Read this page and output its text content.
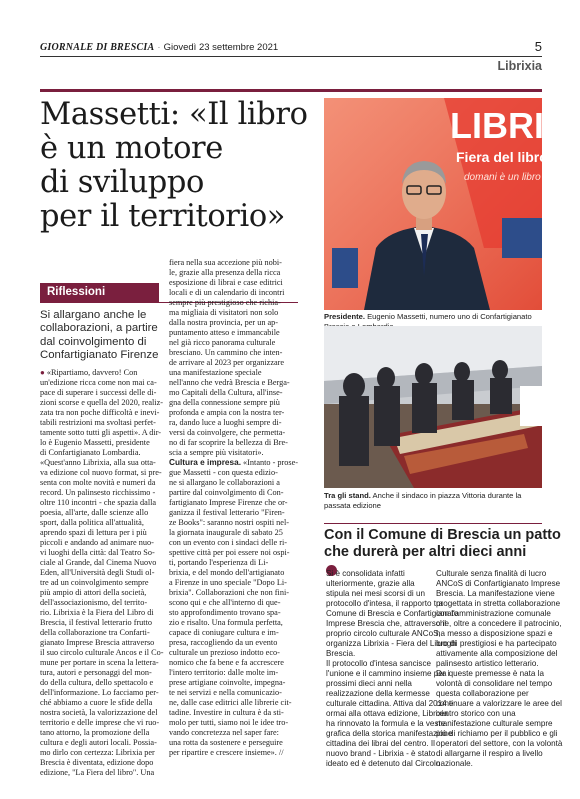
GIORNALE DI BRESCIA · Giovedì 23 settembre 2021	5
Librixia
Massetti: «Il libro
è un motore
di sviluppo
per il territorio»
Riflessioni
Si allargano anche le
collaborazioni, a partire
dal coinvolgimento di
Confartigianato Firenze
● «Ripartiamo, davvero! Con
un'edizione ricca come non mai ca-
pace di superare i successi delle di-
zioni scorse e quella del 2020, realiz-
zata tra non poche difficoltà e inevi-
tabili restrizioni ma svoltasi perfet-
tamente sotto tutti gli aspetti». A dir-
lo è Eugenio Massetti, presidente
di Confartigianato Lombardia.
«Quest'anno Librixia, alla sua otta-
va edizione col nuovo format, si pre-
senta con molte novità e numeri da
record. Un palinsesto ricchissimo -
oltre 110 incontri - che spazia dalla
poesia, all'arte, dalle scienze allo
sport, dalla politica all'attualità,
aprendo spazi di lettura per i più
piccoli e andando ad animare nuo-
vi luoghi della città: dal Teatro So-
ciale al Grande, dal Cinema Nuovo
Eden, all'Università degli Studi ol-
tre ad un coinvolgimento sempre
più ampio di attori della società,
dell'associazionismo, del territo-
rio. Librixia è la Fiera del Libro di
Brescia, il festival letterario frutto
della collaborazione tra Confarti-
gianato Imprese Brescia attraverso
il suo circolo culturale Ancos e il Co-
mune per portare in scena la lettera-
tura, autori e personaggi del mon-
do della cultura, dello spettacolo e
dell'informazione. Lo facciamo per-
ché abbiamo a cuore le sfide della
nostra società, la valorizzazione del
territorio e delle imprese che vi ruo-
tano attorno, la promozione della
cultura e degli autori locali. Possia-
mo dirlo con certezza: Librixia per
Brescia è diventata, edizione dopo
edizione, "La Fiera del libro". Una
fiera nella sua accezione più nobi-
le, grazie alla presenza della ricca
esposizione di librai e case editrici
locali e di un calendario di incontri
sempre più prestigioso che richia-
ma migliaia di visitatori non solo
dalla nostra provincia, per un ap-
puntamento atteso e immancabile
nel già ricco panorama culturale
bresciano. Un cammino che inten-
de arrivare al 2023 per organizzare
una manifestazione speciale
nell'anno che vedrà Brescia e Berga-
mo Capitali della Cultura, all'inse-
gna della connessione sempre più
profonda e ampia con la nostra ter-
ra, dando luce a luoghi sempre di-
versi da coinvolgere, che permetta-
no di far scoprire la bellezza di Bre-
scia a sempre più visitatori».
Cultura e impresa. «Intanto - prose-
gue Massetti - con questa edizio-
ne si allargano le collaborazioni a
partire dal coinvolgimento di Con-
fartigianato Imprese Firenze che or-
ganizza il festival letterario "Firen-
ze Books": saranno nostri ospiti nel-
la giornata inaugurale di sabato 25
con un evento con i sindaci delle ri-
spettive città per poi essere noi ospi-
ti, portando l'esperienza di Li-
brixia, e del mondo dell'artigianato
a Firenze in uno speciale "Dopo Li-
brixia". Collaborazioni che non fini-
scono qui e che all'interno di que-
sto approfondimento trovano spa-
zio e risalto. Una formula perfetta,
capace di coniugare cultura e im-
presa, raccogliendo da un evento
culturale un prezioso indotto eco-
nomico che fa bene e fa accrescere
l'intero territorio: dalle molte im-
prese artigiane coinvolte, impegna-
te nei servizi e nella comunicazio-
ne, dalle case editrici alle librerie cit-
tadine. Investire in cultura è da sti-
molo per tutti, siamo noi le idee tro-
vando concretezza nel saper fare:
una rotta da sostenere e perseguire
per ripartire e crescere insieme». //
LIBRI
Fiera del libro 20
domani è un libro
Presidente. Eugenio Massetti, numero uno di Confartigianato
Tra gli stand. Anche il sindaco in piazza Vittoria durante la passata edizione
Con il Comune di Brescia un patto
che durerà per altri dieci anni
Si è consolidata infatti
ulteriormente, grazie alla
stipula nei mesi scorsi di un
protocollo d'intesa, il rapporto tra
Comune di Brescia e Confartigianato
Imprese Brescia che, attraverso il
proprio circolo culturale ANCoS,
organizza Librixia - Fiera del Libro di
Brescia.
Il protocollo d'intesa sancisce
l'unione e il cammino insieme per i
prossimi dieci anni nella
realizzazione della kermesse
culturale cittadina. Attiva dal 2014 e
ormai alla ottava edizione, Librixia
ha rinnovato la formula e la veste
grafica della storica manifestazione
cittadina dei librai del centro. Il
nuovo brand - Librixia - è stato
ideato ed è detenuto dal Circolo
Culturale senza finalità di lucro
ANCoS di Confartigianato Imprese
Brescia. La manifestazione viene
progettata in stretta collaborazione
con l'amministrazione comunale
che, oltre a concedere il patrocinio,
ha messo a disposizione spazi e
luoghi prestigiosi e ha partecipato
attivamente alla composizione del
palinsesto artistico letterario.
Da queste premesse è nata la
volontà di consolidare nel tempo
questa collaborazione per
continuare a valorizzare le aree del
centro storico con una
manifestazione culturale sempre
più di richiamo per il pubblico e gli
operatori del settore, con la volontà
di allargarne il respiro a livello
nazionale.
